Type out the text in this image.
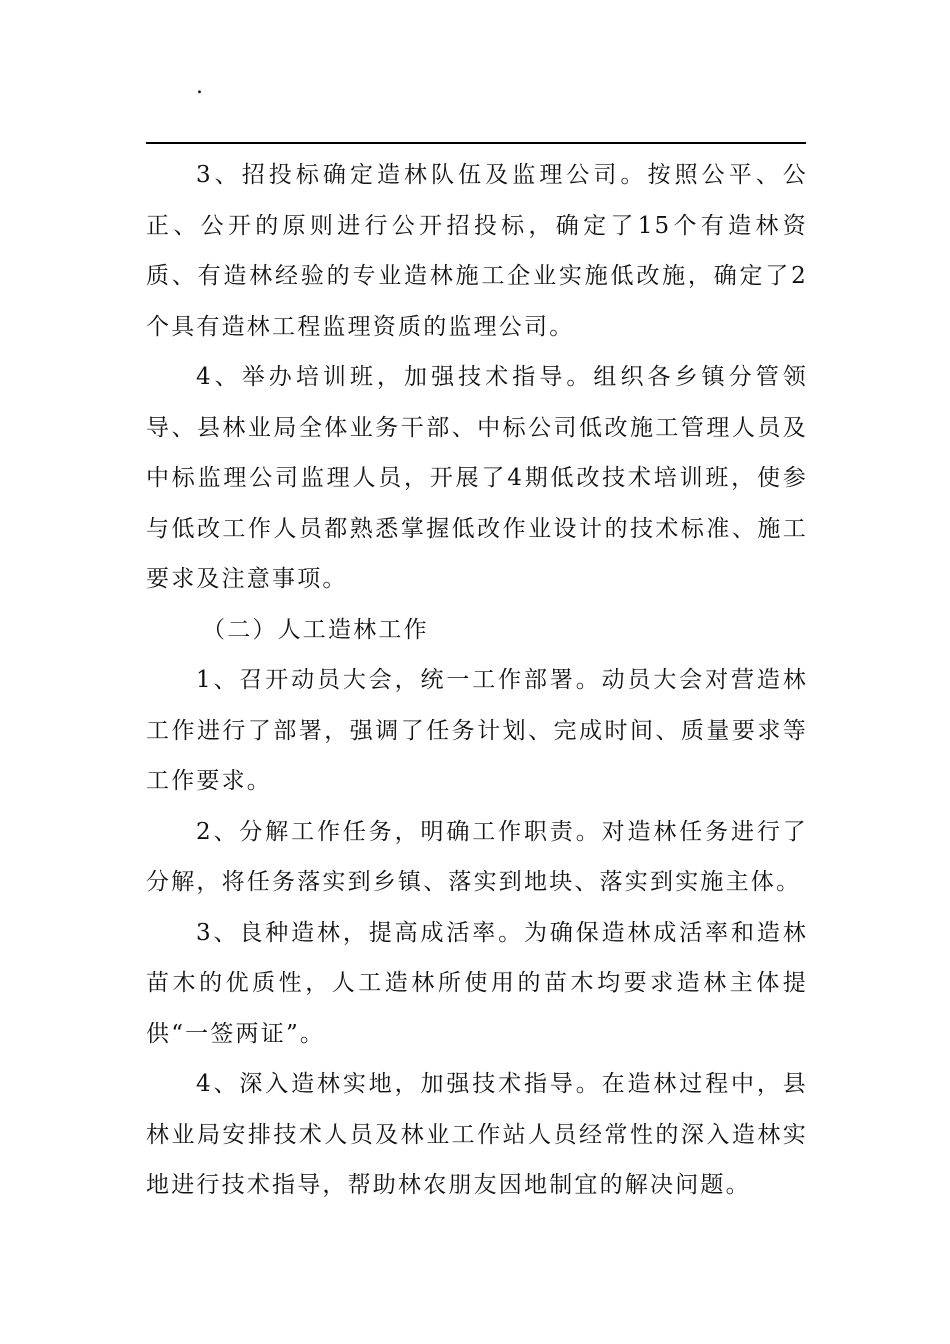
.

3、招投标确定造林队伍及监理公司。按照公平、公正、公开的原则进行公开招投标，确定了15个有造林资质、有造林经验的专业造林施工企业实施低改施，确定了2个具有造林工程监理资质的监理公司。

4、举办培训班，加强技术指导。组织各乡镇分管领导、县林业局全体业务干部、中标公司低改施工管理人员及中标监理公司监理人员，开展了4期低改技术培训班，使参与低改工作人员都熟悉掌握低改作业设计的技术标准、施工要求及注意事项。

（二）人工造林工作

1、召开动员大会，统一工作部署。动员大会对营造林工作进行了部署，强调了任务计划、完成时间、质量要求等工作要求。

2、分解工作任务，明确工作职责。对造林任务进行了分解，将任务落实到乡镇、落实到地块、落实到实施主体。

3、良种造林，提高成活率。为确保造林成活率和造林苗木的优质性，人工造林所使用的苗木均要求造林主体提供“一签两证”。

4、深入造林实地，加强技术指导。在造林过程中，县林业局安排技术人员及林业工作站人员经常性的深入造林实地进行技术指导，帮助林农朋友因地制宜的解决问题。
